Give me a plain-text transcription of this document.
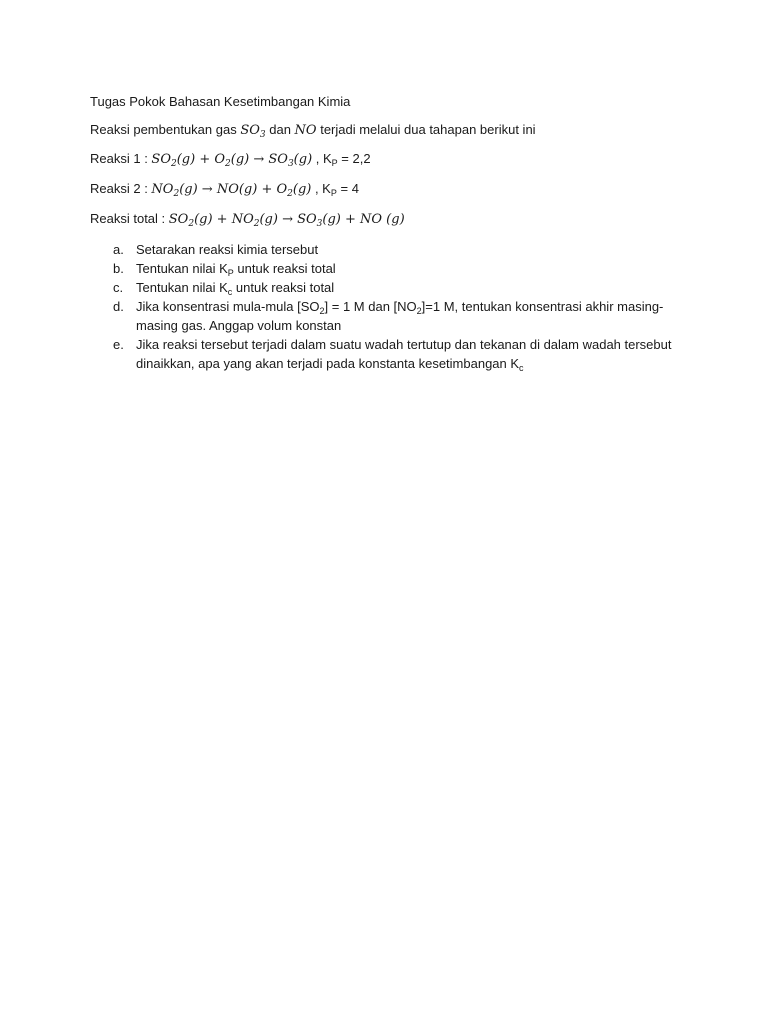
Tugas Pokok Bahasan Kesetimbangan Kimia
Reaksi pembentukan gas $SO_3$ dan NO terjadi melalui dua tahapan berikut ini
Reaksi 1 : $SO_2(g) + O_2(g) \to SO_3(g)$ , $K_P = 2,2$
Reaksi 2 : $NO_2(g) \to NO(g) + O_2(g)$ , $K_P = 4$
Reaksi total : $SO_2(g) + NO_2(g) \to SO_3(g)$ + NO (g)
a. Setarakan reaksi kimia tersebut
b. Tentukan nilai $K_P$ untuk reaksi total
c. Tentukan nilai $K_c$ untuk reaksi total
d. Jika konsentrasi mula-mula $[SO_2] = 1$ M dan $[NO_2]=1$ M, tentukan konsentrasi akhir masing-masing gas. Anggap volum konstan
e. Jika reaksi tersebut terjadi dalam suatu wadah tertutup dan tekanan di dalam wadah tersebut dinaikkan, apa yang akan terjadi pada konstanta kesetimbangan $K_c$
